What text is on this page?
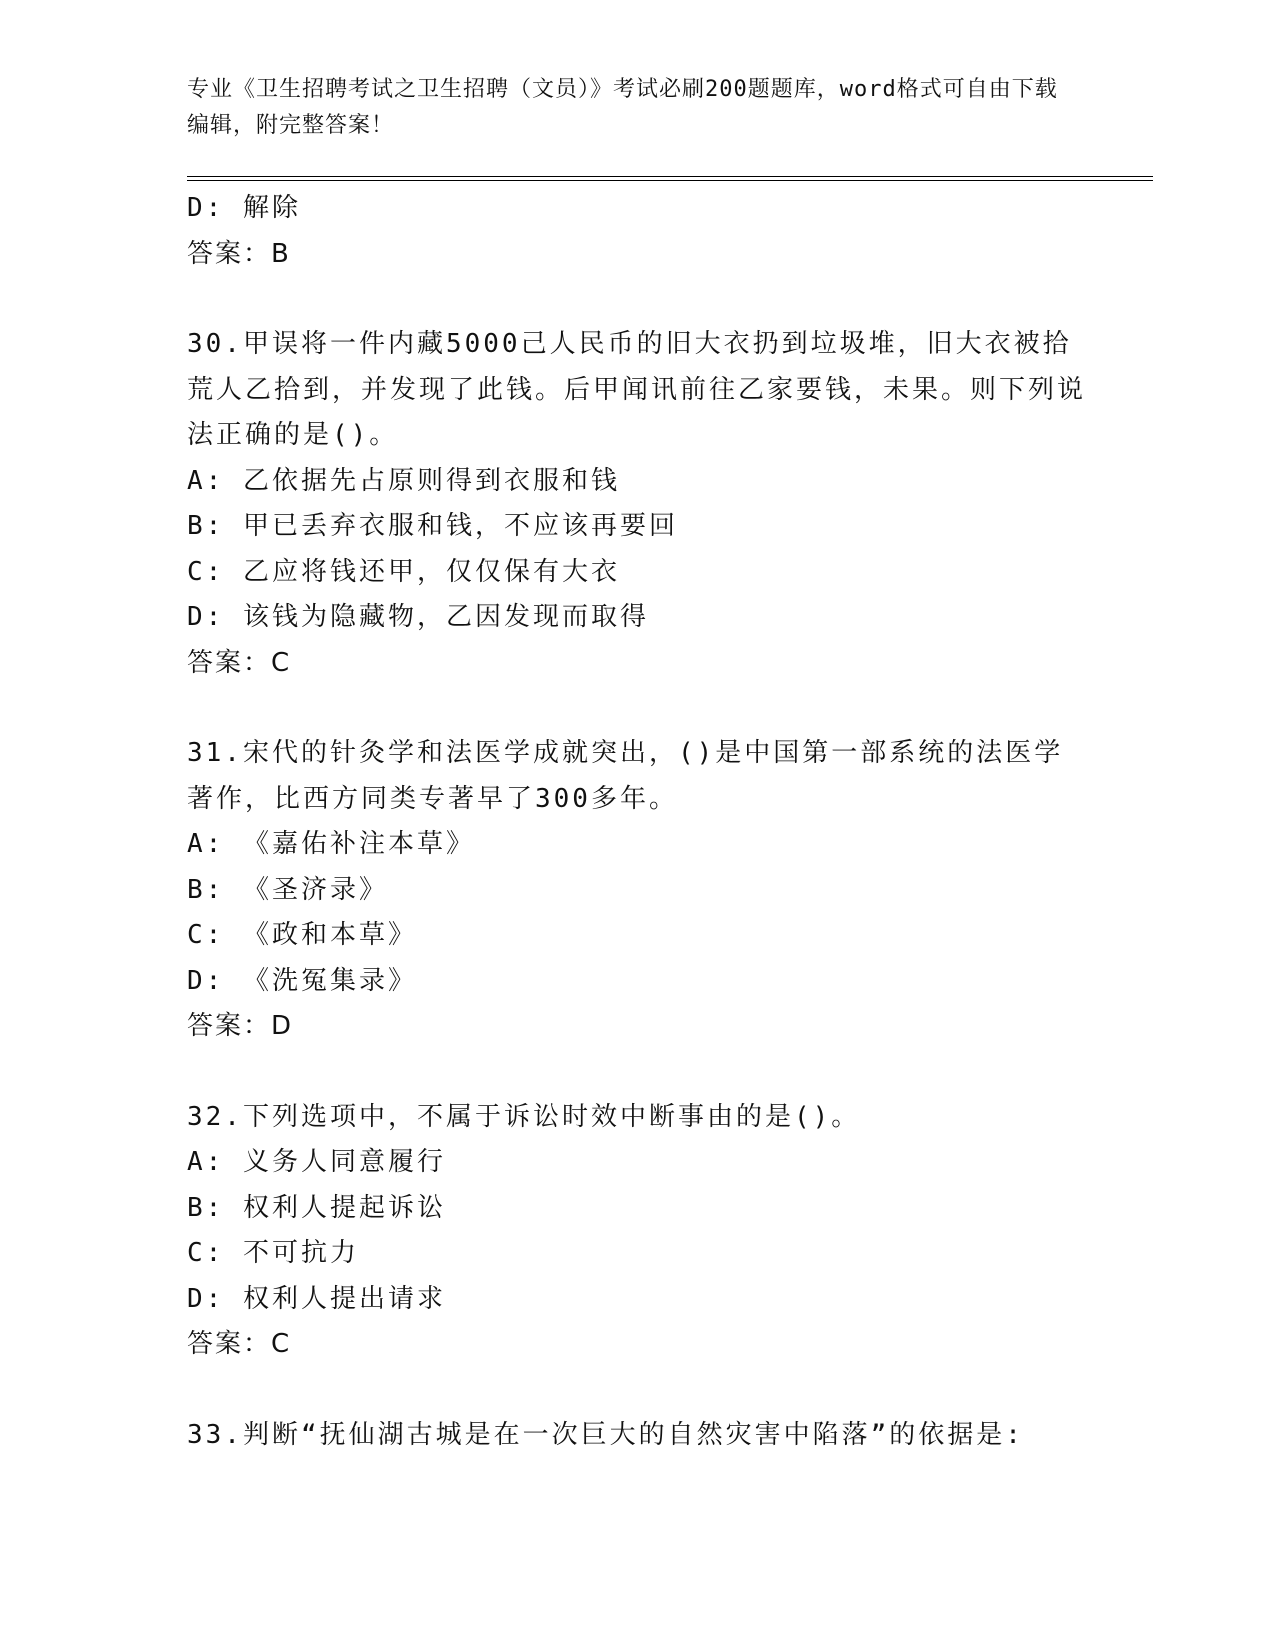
专业《卫生招聘考试之卫生招聘（文员）》考试必刷200题题库，word格式可自由下载编辑，附完整答案！
D: 解除
答案：B
30.甲误将一件内藏5000己人民币的旧大衣扔到垃圾堆，旧大衣被拾荒人乙拾到，并发现了此钱。后甲闻讯前往乙家要钱，未果。则下列说法正确的是()。
A: 乙依据先占原则得到衣服和钱
B: 甲已丢弃衣服和钱，不应该再要回
C: 乙应将钱还甲，仅仅保有大衣
D: 该钱为隐藏物，乙因发现而取得
答案：C
31.宋代的针灸学和法医学成就突出，()是中国第一部系统的法医学著作，比西方同类专著早了300多年。
A: 《嘉佑补注本草》
B: 《圣济录》
C: 《政和本草》
D: 《洗冤集录》
答案：D
32.下列选项中，不属于诉讼时效中断事由的是()。
A: 义务人同意履行
B: 权利人提起诉讼
C: 不可抗力
D: 权利人提出请求
答案：C
33.判断“抚仙湖古城是在一次巨大的自然灾害中陷落”的依据是:
